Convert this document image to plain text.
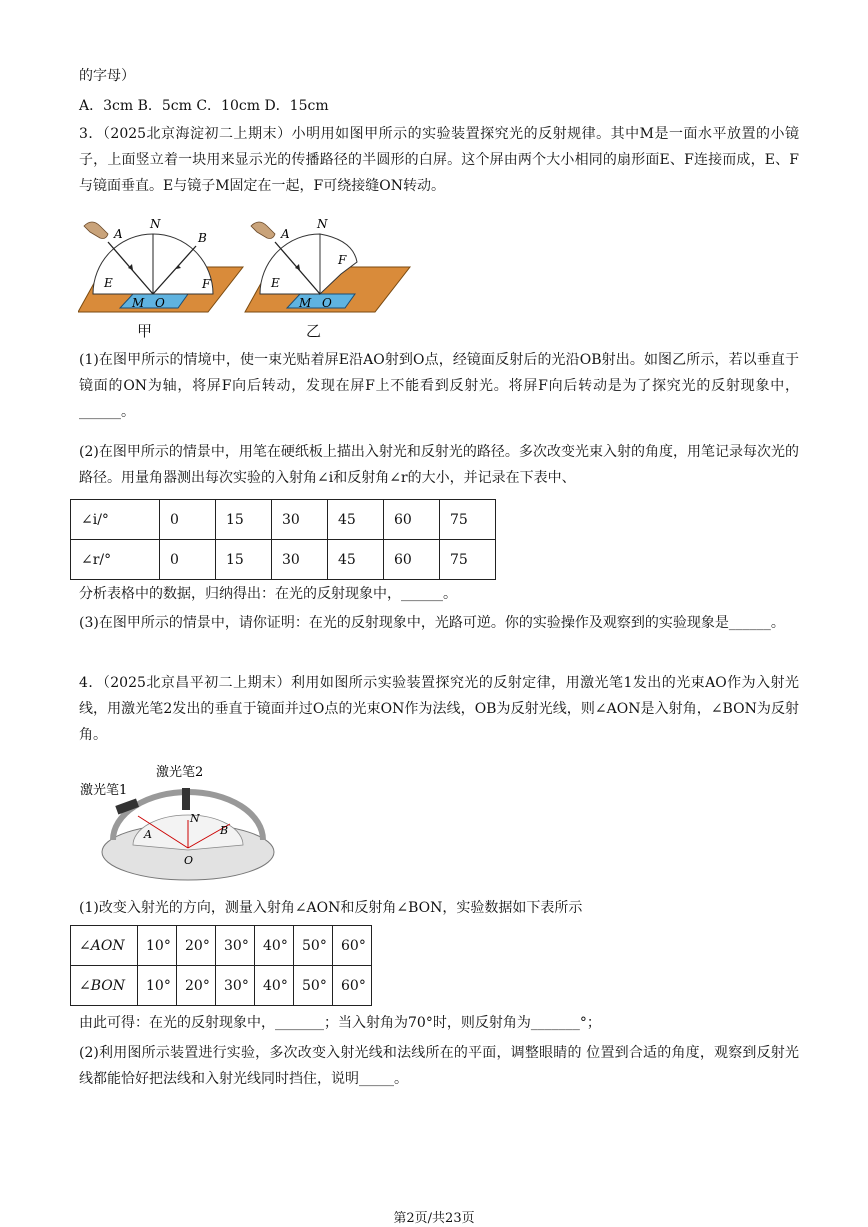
的字母）
A．3cm B．5cm C．10cm D．15cm
3．（2025北京海淀初二上期末）小明用如图甲所示的实验装置探究光的反射规律。其中M是一面水平放置的小镜子，上面竖立着一块用来显示光的传播路径的半圆形的白屏。这个屏由两个大小相同的扇形面E、F连接而成，E、F与镜面垂直。E与镜子M固定在一起，F可绕接缝ON转动。
A
N
B
E	F
M O
A
N
F
E
M O
甲	乙
(1)在图甲所示的情境中，使一束光贴着屏E沿AO射到O点，经镜面反射后的光沿OB射出。如图乙所示，若以垂直于镜面的ON为轴，将屏F向后转动，发现在屏F上不能看到反射光。将屏F向后转动是为了探究光的反射现象中，______。
(2)在图甲所示的情景中，用笔在硬纸板上描出入射光和反射光的路径。多次改变光束入射的角度，用笔记录每次光的路径。用量角器测出每次实验的入射角∠i和反射角∠r的大小，并记录在下表中、
∠i/°	0	15	30	45	60	75
∠r/°	0	15	30	45	60	75
分析表格中的数据，归纳得出：在光的反射现象中，______。
(3)在图甲所示的情景中，请你证明：在光的反射现象中，光路可逆。你的实验操作及观察到的实验现象是______。
4．（2025北京昌平初二上期末）利用如图所示实验装置探究光的反射定律，用激光笔1发出的光束AO作为入射光线，用激光笔2发出的垂直于镜面并过O点的光束ON作为法线，OB为反射光线，则∠AON是入射角，∠BON为反射角。
激光笔1
激光笔2
A
N
B
O
(1)改变入射光的方向，测量入射角∠AON和反射角∠BON，实验数据如下表所示
∠AON	10°	20°	30°	40°	50°	60°
∠BON	10°	20°	30°	40°	50°	60°
由此可得：在光的反射现象中，_______；当入射角为70°时，则反射角为_______°；
(2)利用图所示装置进行实验，多次改变入射光线和法线所在的平面，调整眼睛的 位置到合适的角度，观察到反射光线都能恰好把法线和入射光线同时挡住，说明_____。
第2页/共23页
